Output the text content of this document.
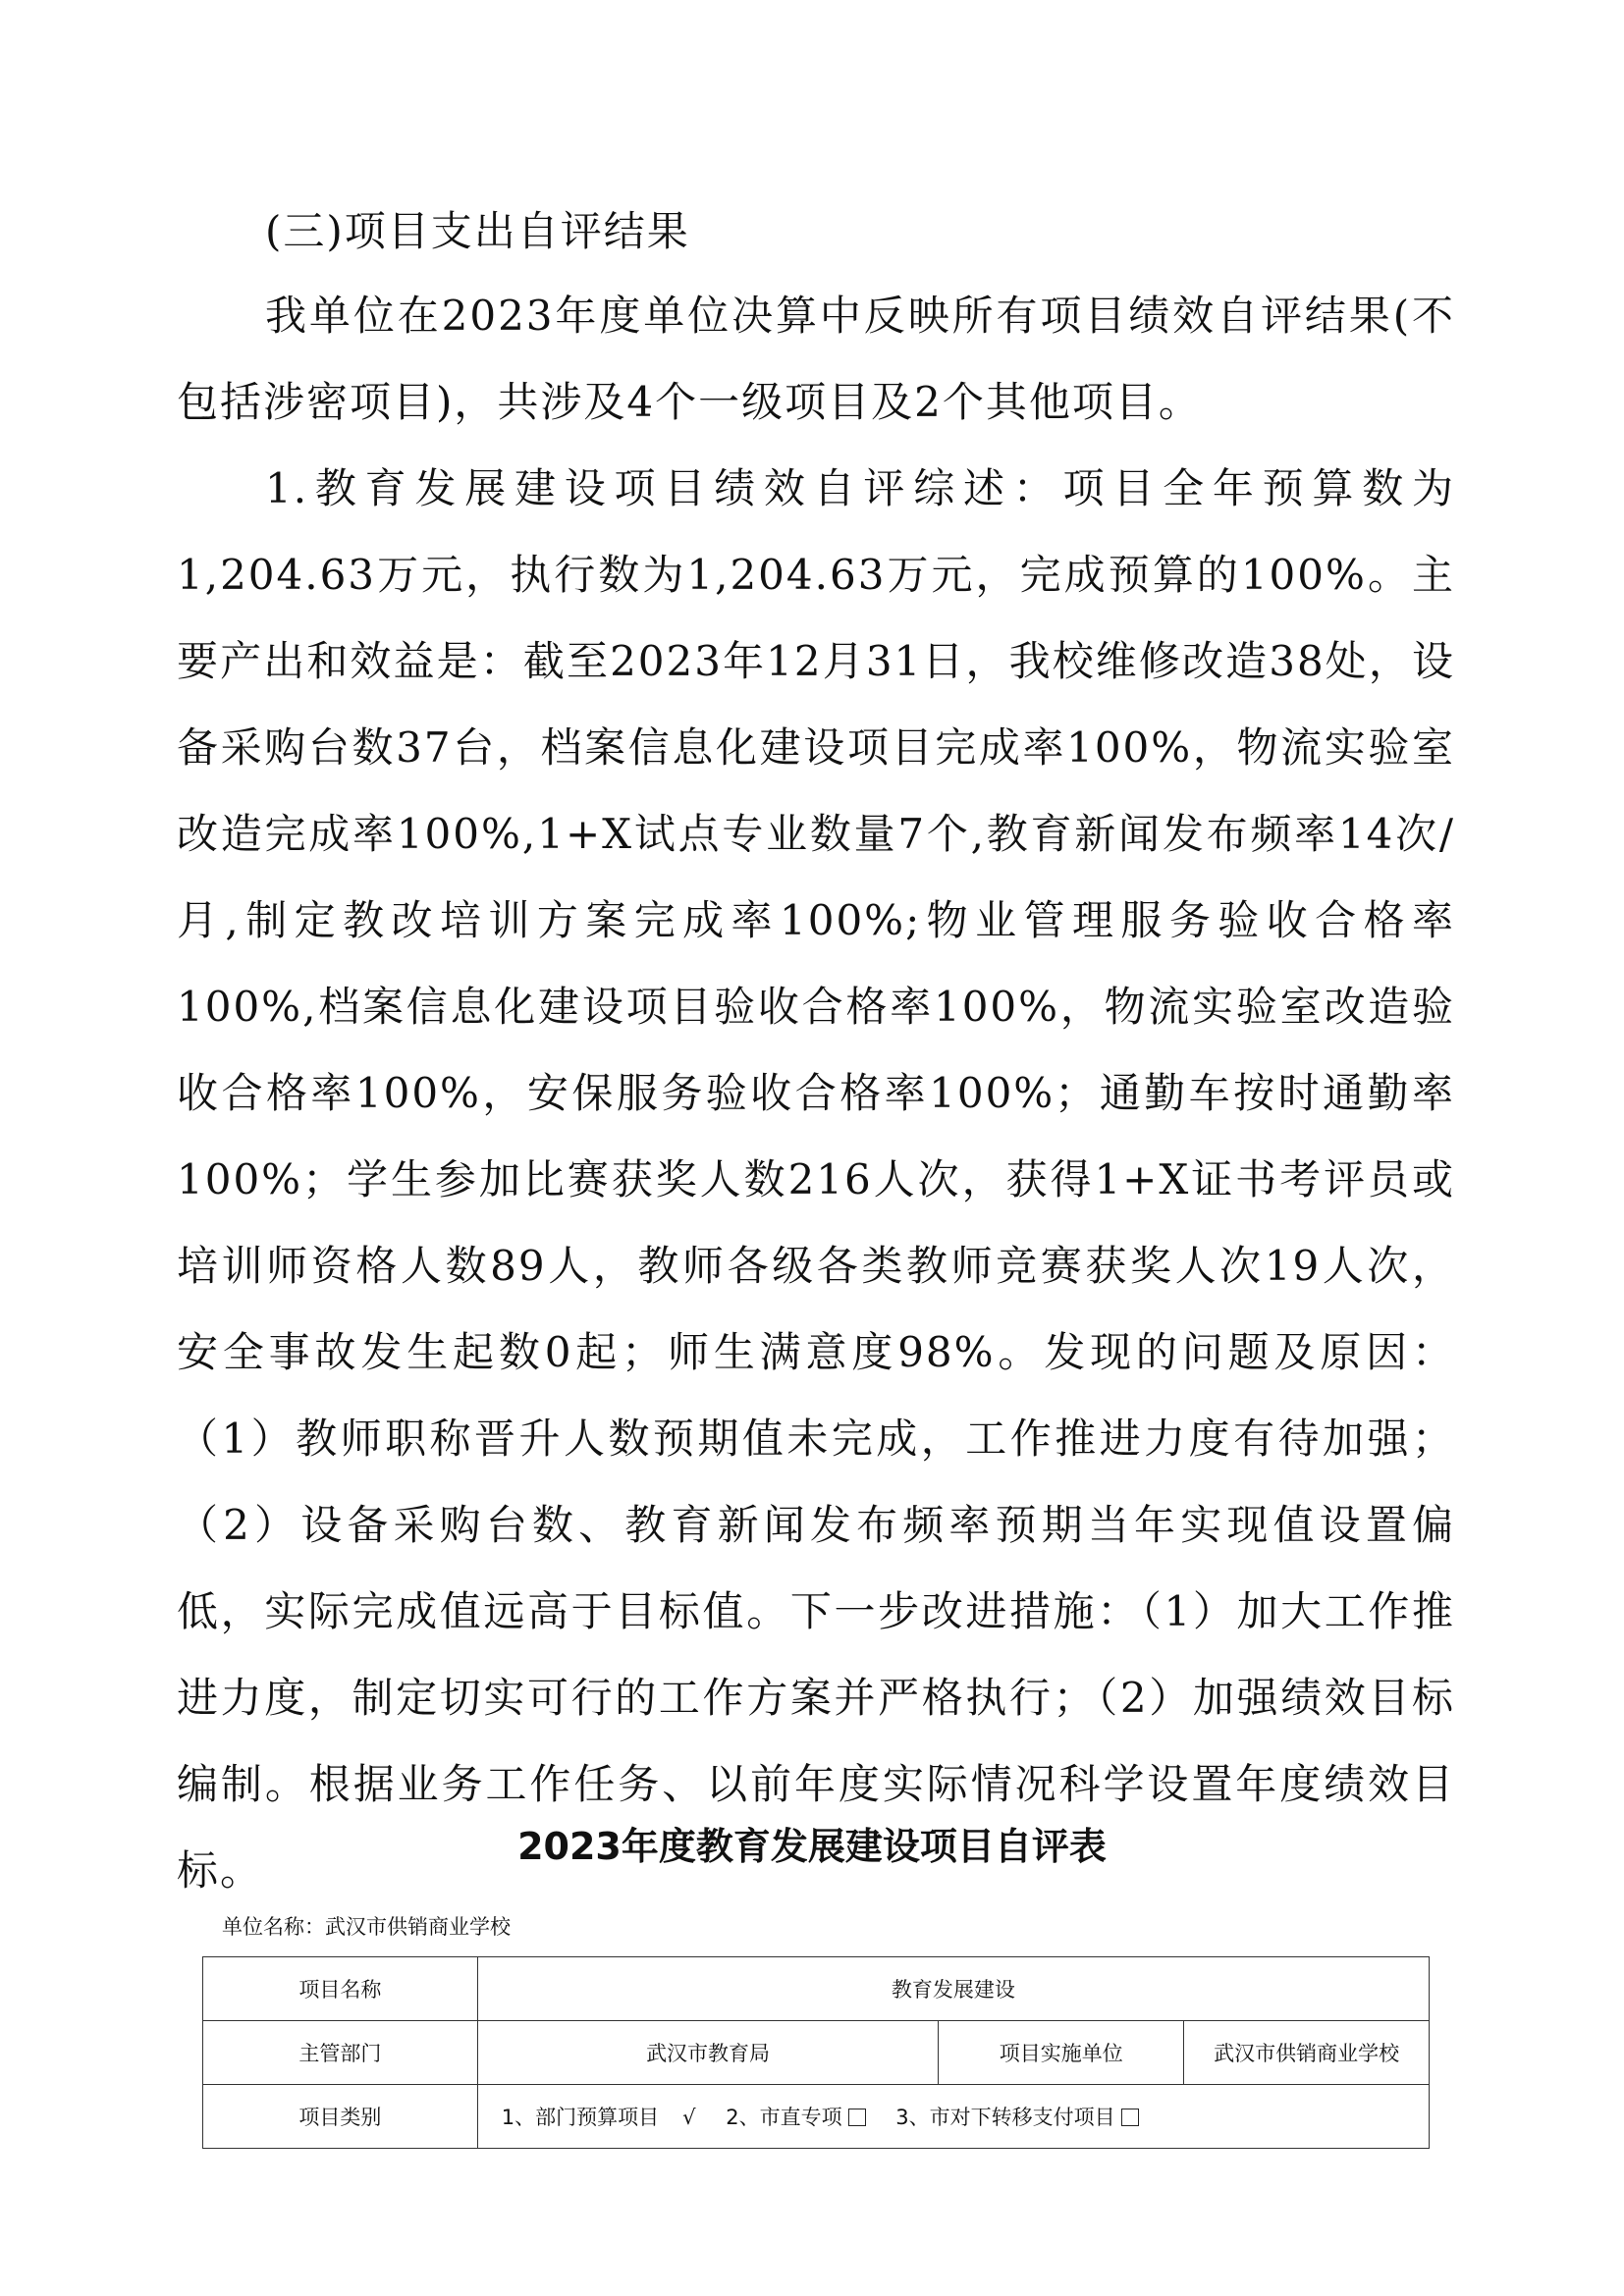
(三)项目支出自评结果

我单位在2023年度单位决算中反映所有项目绩效自评结果(不包括涉密项目)，共涉及4个一级项目及2个其他项目。

1.教育发展建设项目绩效自评综述：项目全年预算数为1,204.63万元，执行数为1,204.63万元，完成预算的100%。主要产出和效益是：截至2023年12月31日，我校维修改造38处，设备采购台数37台，档案信息化建设项目完成率100%，物流实验室改造完成率100%,1+X试点专业数量7个,教育新闻发布频率14次/月,制定教改培训方案完成率100%;物业管理服务验收合格率100%,档案信息化建设项目验收合格率100%，物流实验室改造验收合格率100%，安保服务验收合格率100%；通勤车按时通勤率100%；学生参加比赛获奖人数216人次，获得1+X证书考评员或培训师资格人数89人，教师各级各类教师竞赛获奖人次19人次，安全事故发生起数0起；师生满意度98%。发现的问题及原因：（1）教师职称晋升人数预期值未完成，工作推进力度有待加强；（2）设备采购台数、教育新闻发布频率预期当年实现值设置偏低，实际完成值远高于目标值。下一步改进措施：（1）加大工作推进力度，制定切实可行的工作方案并严格执行；（2）加强绩效目标编制。根据业务工作任务、以前年度实际情况科学设置年度绩效目标。	2023年度教育发展建设项目自评表

单位名称：武汉市供销商业学校
项目名称	教育发展建设		
主管部门	武汉市教育局	项目实施单位	武汉市供销商业学校
项目类别	1、部门预算项目 √ 2、市直专项 3、市对下转移支付项目		
